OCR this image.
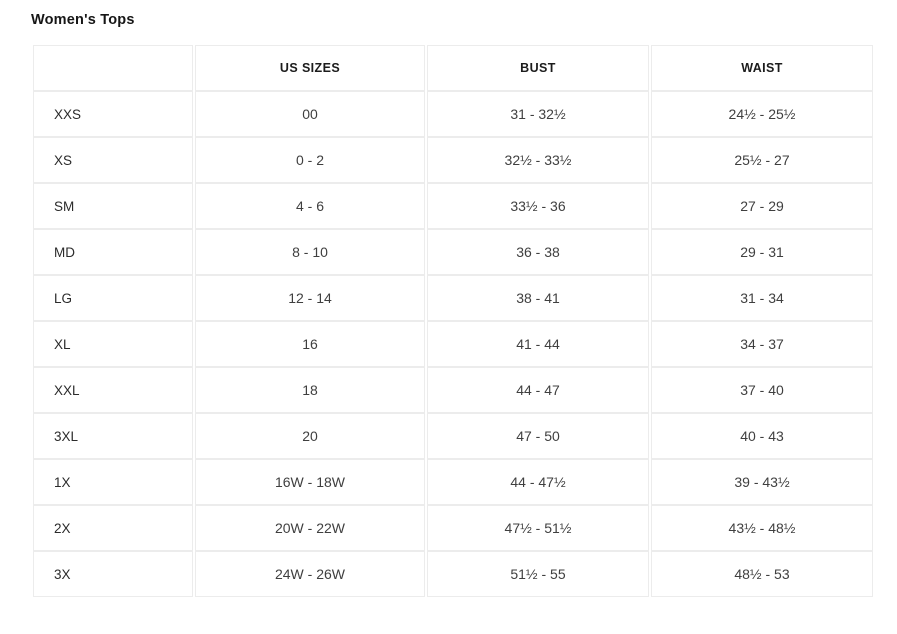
Women's Tops
	US SIZES	BUST	WAIST
XXS	00	31 - 32½	24½ - 25½
XS	0 - 2	32½ - 33½	25½ - 27
SM	4 - 6	33½ - 36	27 - 29
MD	8 - 10	36 - 38	29 - 31
LG	12 - 14	38 - 41	31 - 34
XL	16	41 - 44	34 - 37
XXL	18	44 - 47	37 - 40
3XL	20	47 - 50	40 - 43
1X	16W - 18W	44 - 47½	39 - 43½
2X	20W - 22W	47½ - 51½	43½ - 48½
3X	24W - 26W	51½ - 55	48½ - 53
